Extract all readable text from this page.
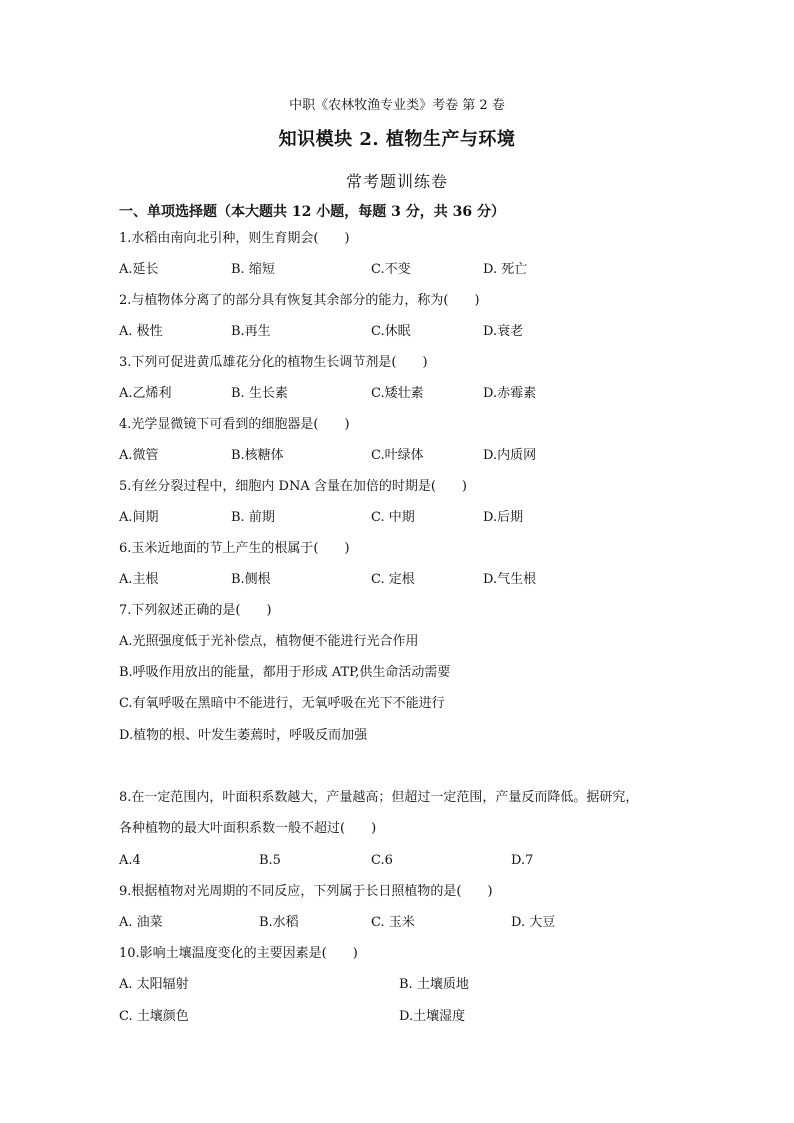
中职《农林牧渔专业类》考卷 第 2 卷
知识模块 2. 植物生产与环境
常考题训练卷
一、单项选择题（本大题共 12 小题，每题 3 分，共 36 分）
1.水稻由南向北引种，则生育期会(　　)
A.延长	B. 缩短	C.不变	D. 死亡
2.与植物体分离了的部分具有恢复其余部分的能力，称为(　　)
A. 极性	B.再生	C.休眠	D.衰老
3.下列可促进黄瓜雄花分化的植物生长调节剂是(　　)
A.乙烯利	B. 生长素	C.矮壮素	D.赤霉素
4.光学显微镜下可看到的细胞器是(　　)
A.微管	B.核糖体	C.叶绿体	D.内质网
5.有丝分裂过程中，细胞内 DNA 含量在加倍的时期是(　　)
A.间期	B. 前期	C. 中期	D.后期
6.玉米近地面的节上产生的根属于(　　)
A.主根	B.侧根	C. 定根	D.气生根
7.下列叙述正确的是(　　)
A.光照强度低于光补偿点，植物便不能进行光合作用
B.呼吸作用放出的能量，都用于形成 ATP,供生命活动需要
C.有氧呼吸在黑暗中不能进行，无氧呼吸在光下不能进行
D.植物的根、叶发生萎蔫时，呼吸反而加强
8.在一定范围内，叶面积系数越大，产量越高；但超过一定范围，产量反而降低。据研究，
各种植物的最大叶面积系数一般不超过(　　)
A.4	B.5	C.6	D.7
9.根据植物对光周期的不同反应，下列属于长日照植物的是(　　)
A. 油菜	B.水稻	C. 玉米	D. 大豆
10.影响土壤温度变化的主要因素是(　　)
A. 太阳辐射	B. 土壤质地
C. 土壤颜色	D.土壤湿度
